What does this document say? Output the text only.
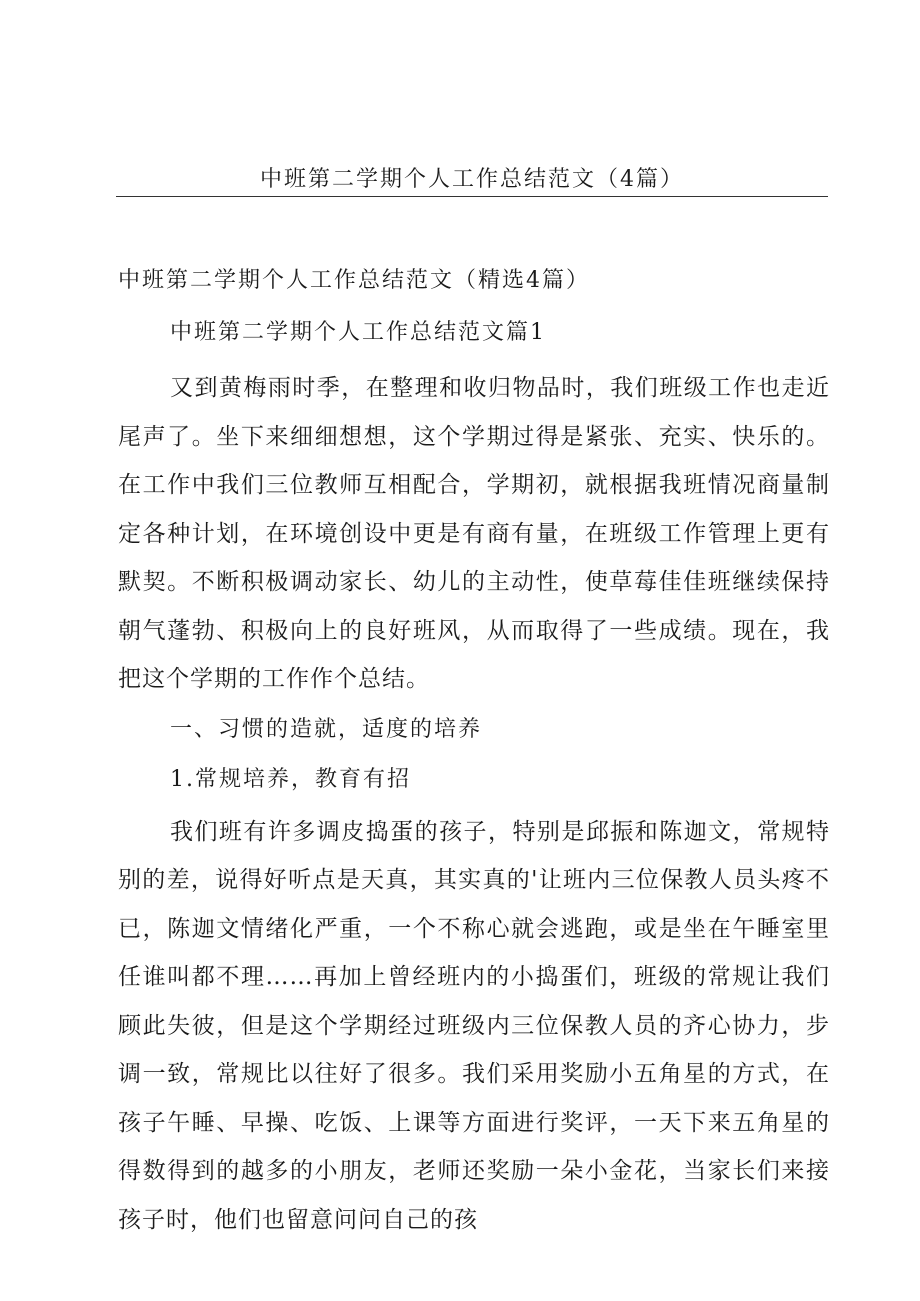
中班第二学期个人工作总结范文（4篇）
中班第二学期个人工作总结范文（精选4篇）
中班第二学期个人工作总结范文篇1

又到黄梅雨时季，在整理和收归物品时，我们班级工作也走近尾声了。坐下来细细想想，这个学期过得是紧张、充实、快乐的。在工作中我们三位教师互相配合，学期初，就根据我班情况商量制定各种计划，在环境创设中更是有商有量，在班级工作管理上更有默契。不断积极调动家长、幼儿的主动性，使草莓佳佳班继续保持朝气蓬勃、积极向上的良好班风，从而取得了一些成绩。现在，我把这个学期的工作作个总结。

一、习惯的造就，适度的培养
1.常规培养，教育有招

我们班有许多调皮捣蛋的孩子，特别是邱振和陈迦文，常规特别的差，说得好听点是天真，其实真的'让班内三位保教人员头疼不已，陈迦文情绪化严重，一个不称心就会逃跑，或是坐在午睡室里任谁叫都不理……再加上曾经班内的小捣蛋们，班级的常规让我们顾此失彼，但是这个学期经过班级内三位保教人员的齐心协力，步调一致，常规比以往好了很多。我们采用奖励小五角星的方式，在孩子午睡、早操、吃饭、上课等方面进行奖评，一天下来五角星的得数得到的越多的小朋友，老师还奖励一朵小金花，当家长们来接孩子时，他们也留意问问自己的孩
